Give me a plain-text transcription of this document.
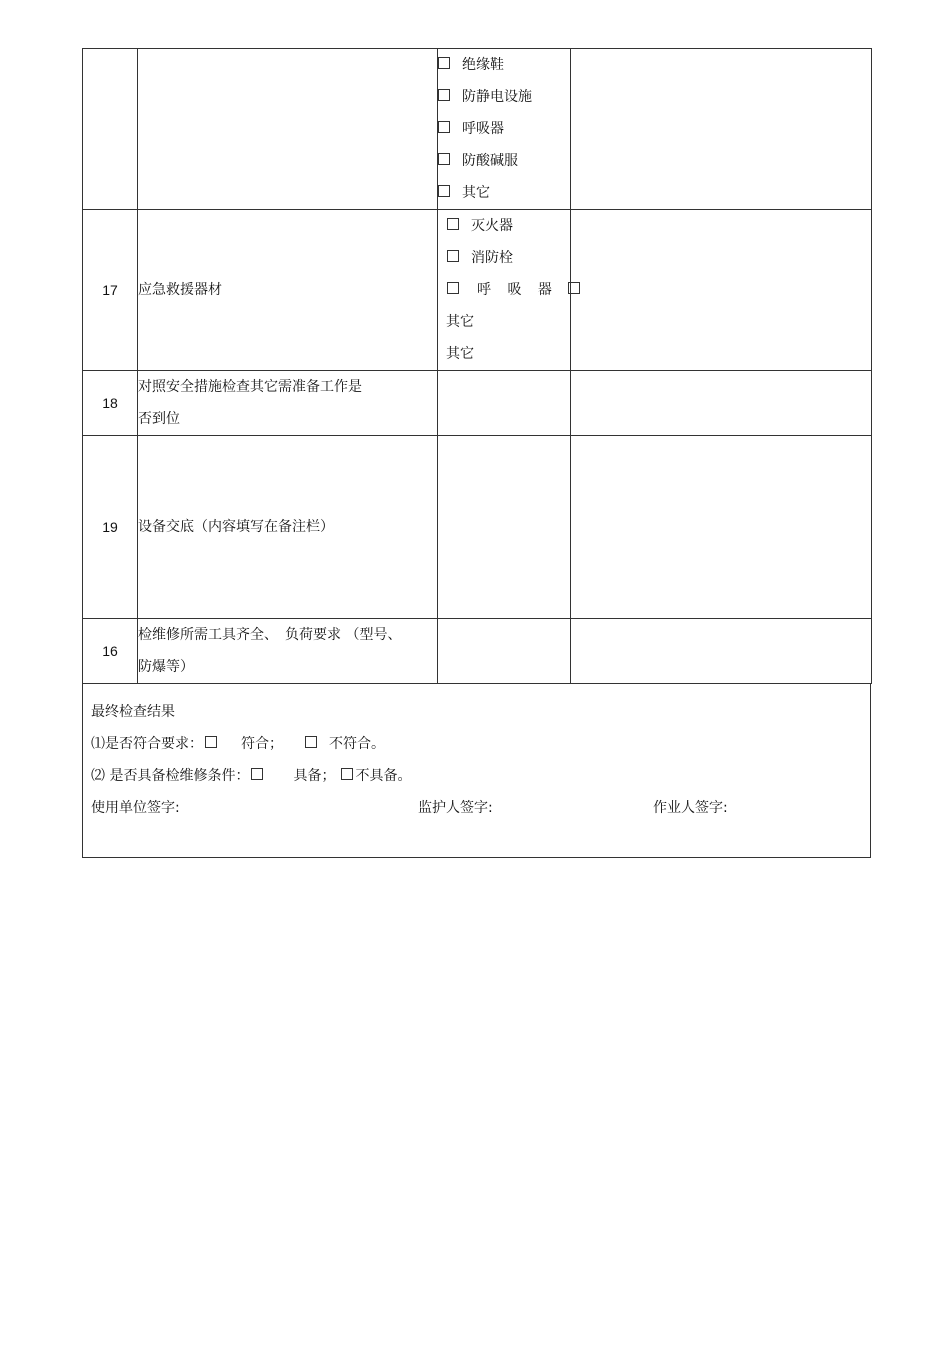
		绝缘鞋
防静电设施
呼吸器
防酸碱服
其它	

17	应急救援器材	灭火器
消防栓
呼 吸 器
其它
其它	

18	对照安全措施检查其它需准备工作是
否到位		

19	设备交底（内容填写在备注栏）		
16	检维修所需工具齐全、　负荷要求 （型号、
防爆等）		

最终检查结果
⑴是否符合要求：	符合；	不符合。
⑵ 是否具备检维修条件：	具备； 不具备。
使用单位签字:	监护人签字:	作业人签字:
